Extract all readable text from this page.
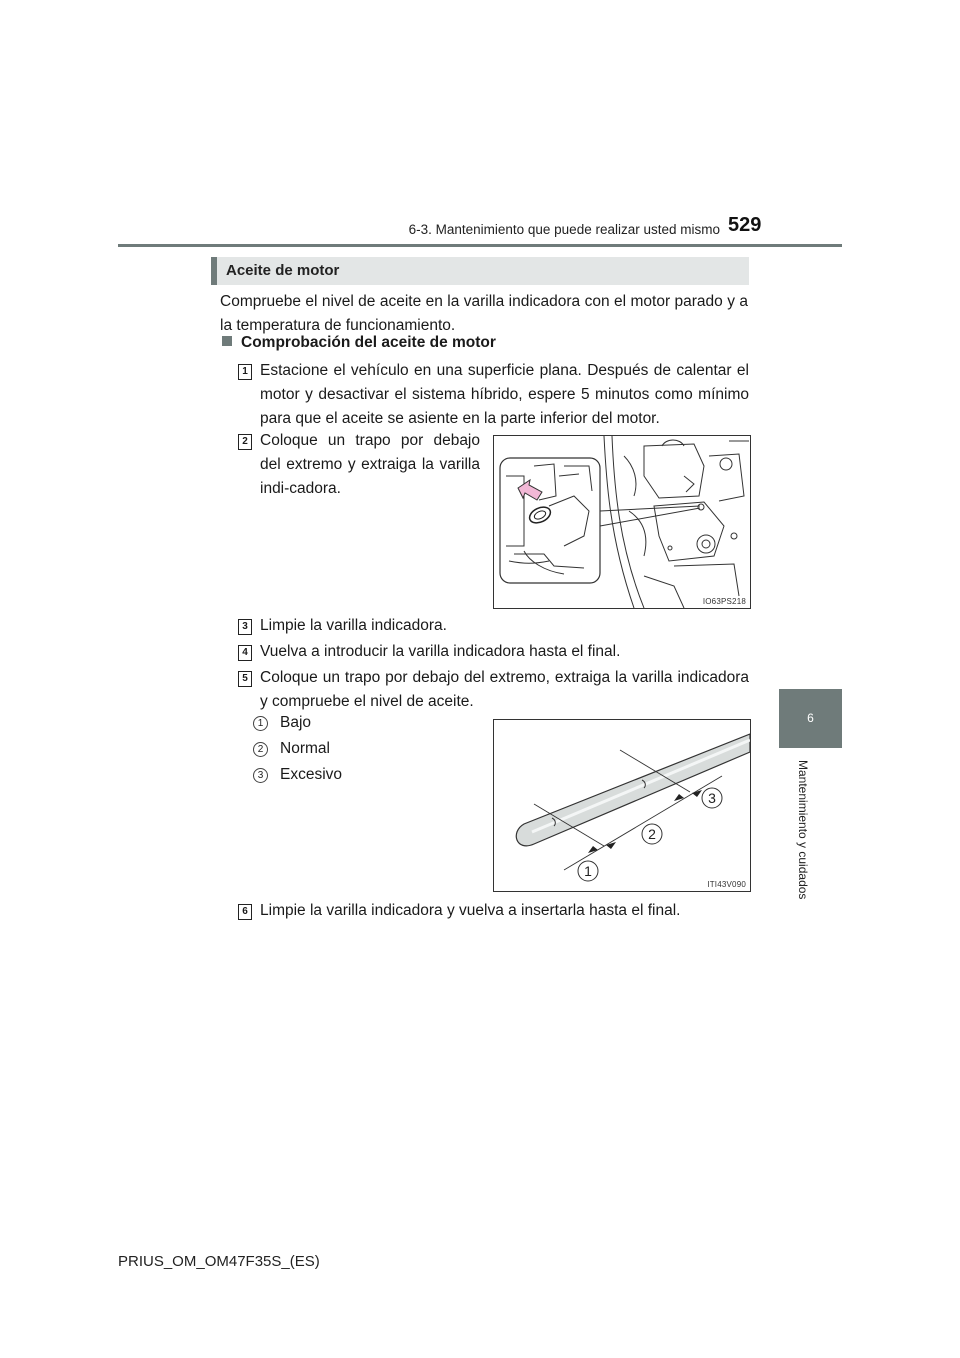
6-3. Mantenimiento que puede realizar usted mismo 529
6
Mantenimiento y cuidados
Aceite de motor
Compruebe el nivel de aceite en la varilla indicadora con el motor parado y a la temperatura de funcionamiento.
Comprobación del aceite de motor
1 Estacione el vehículo en una superficie plana. Después de calentar el motor y desactivar el sistema híbrido, espere 5 minutos como mínimo para que el aceite se asiente en la parte inferior del motor.
2 Coloque un trapo por debajo del extremo y extraiga la varilla indi-cadora.
IO63PS218
3 Limpie la varilla indicadora.
4 Vuelva a introducir la varilla indicadora hasta el final.
5 Coloque un trapo por debajo del extremo, extraiga la varilla indicadora y compruebe el nivel de aceite.
1	Bajo
2	Normal
3	Excesivo
1
2
3
ITI43V090
6 Limpie la varilla indicadora y vuelva a insertarla hasta el final.
PRIUS_OM_OM47F35S_(ES)
